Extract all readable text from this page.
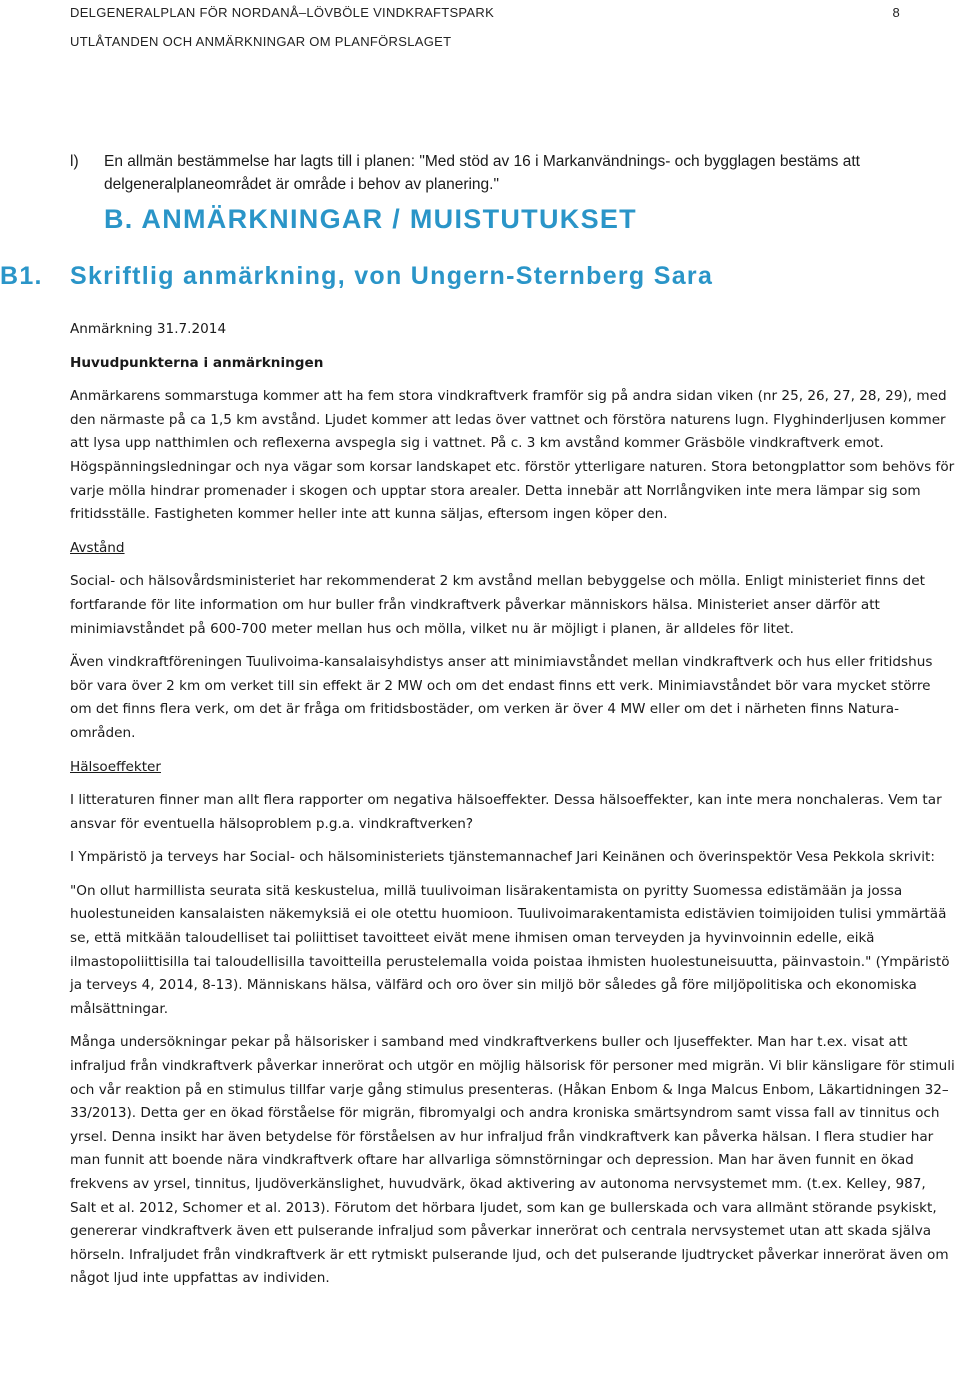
DELGENERALPLAN FÖR NORDANÅ–LÖVBÖLE VINDKRAFTSPARK
UTLÅTANDEN OCH ANMÄRKNINGAR OM PLANFÖRSLAGET
8
l) En allmän bestämmelse har lagts till i planen: "Med stöd av 16 i Markanvändnings- och bygglagen bestäms att delgeneralplaneområdet är område i behov av planering."
B. ANMÄRKNINGAR / MUISTUTUKSET
B1. Skriftlig anmärkning, von Ungern-Sternberg Sara

Anmärkning 31.7.2014

Huvudpunkterna i anmärkningen

Anmärkarens sommarstuga kommer att ha fem stora vindkraftverk framför sig på andra sidan viken (nr 25, 26, 27, 28, 29), med den närmaste på ca 1,5 km avstånd. Ljudet kommer att ledas över vattnet och förstöra naturens lugn. Flyghinderljusen kommer att lysa upp natthimlen och reflexerna avspegla sig i vattnet. På c. 3 km avstånd kommer Gräsböle vindkraftverk emot. Högspänningsledningar och nya vägar som korsar landskapet etc. förstör ytterligare naturen. Stora betongplattor som behövs för varje mölla hindrar promenader i skogen och upptar stora arealer. Detta innebär att Norrlångviken inte mera lämpar sig som fritidsställe. Fastigheten kommer heller inte att kunna säljas, eftersom ingen köper den.

Avstånd

Social- och hälsovårdsministeriet har rekommenderat 2 km avstånd mellan bebyggelse och mölla. Enligt ministeriet finns det fortfarande för lite information om hur buller från vindkraftverk påverkar människors hälsa. Ministeriet anser därför att minimiavståndet på 600-700 meter mellan hus och mölla, vilket nu är möjligt i planen, är alldeles för litet.

Även vindkraftföreningen Tuulivoima-kansalaisyhdistys anser att minimiavståndet mellan vindkraftverk och hus eller fritidshus bör vara över 2 km om verket till sin effekt är 2 MW och om det endast finns ett verk. Minimiavståndet bör vara mycket större om det finns flera verk, om det är fråga om fritidsbostäder, om verken är över 4 MW eller om det i närheten finns Natura-områden.

Hälsoeffekter

I litteraturen finner man allt flera rapporter om negativa hälsoeffekter. Dessa hälsoeffekter, kan inte mera nonchaleras. Vem tar ansvar för eventuella hälsoproblem p.g.a. vindkraftverken?

I Ympäristö ja terveys har Social- och hälsoministeriets tjänstemannachef Jari Keinänen och överinspektör Vesa Pekkola skrivit:

"On ollut harmillista seurata sitä keskustelua, millä tuulivoiman lisärakentamista on pyritty Suomessa edistämään ja jossa huolestuneiden kansalaisten näkemyksiä ei ole otettu huomioon. Tuulivoimarakentamista edistävien toimijoiden tulisi ymmärtää se, että mitkään taloudelliset tai poliittiset tavoitteet eivät mene ihmisen oman terveyden ja hyvinvoinnin edelle, eikä ilmastopoliittisilla tai taloudellisilla tavoitteilla perustelemalla voida poistaa ihmisten huolestuneisuutta, päinvastoin." (Ympäristö ja terveys 4, 2014, 8-13). Människans hälsa, välfärd och oro över sin miljö bör således gå före miljöpolitiska och ekonomiska målsättningar.

Många undersökningar pekar på hälsorisker i samband med vindkraftverkens buller och ljuseffekter. Man har t.ex. visat att infraljud från vindkraftverk påverkar innerörat och utgör en möjlig hälsorisk för personer med migrän. Vi blir känsligare för stimuli och vår reaktion på en stimulus tillfar varje gång stimulus presenteras. (Håkan Enbom & Inga Malcus Enbom, Läkartidningen 32–33/2013). Detta ger en ökad förståelse för migrän, fibromyalgi och andra kroniska smärtsyndrom samt vissa fall av tinnitus och yrsel. Denna insikt har även betydelse för förståelsen av hur infraljud från vindkraftverk kan påverka hälsan. I flera studier har man funnit att boende nära vindkraftverk oftare har allvarliga sömnstörningar och depression. Man har även funnit en ökad frekvens av yrsel, tinnitus, ljudöverkänslighet, huvudvärk, ökad aktivering av autonoma nervsystemet mm. (t.ex. Kelley, 987, Salt et al. 2012, Schomer et al. 2013). Förutom det hörbara ljudet, som kan ge bullerskada och vara allmänt störande psykiskt, genererar vindkraftverk även ett pulserande infraljud som påverkar innerörat och centrala nervsystemet utan att skada själva hörseln. Infraljudet från vindkraftverk är ett rytmiskt pulserande ljud, och det pulserande ljudtrycket påverkar innerörat även om något ljud inte uppfattas av individen.
